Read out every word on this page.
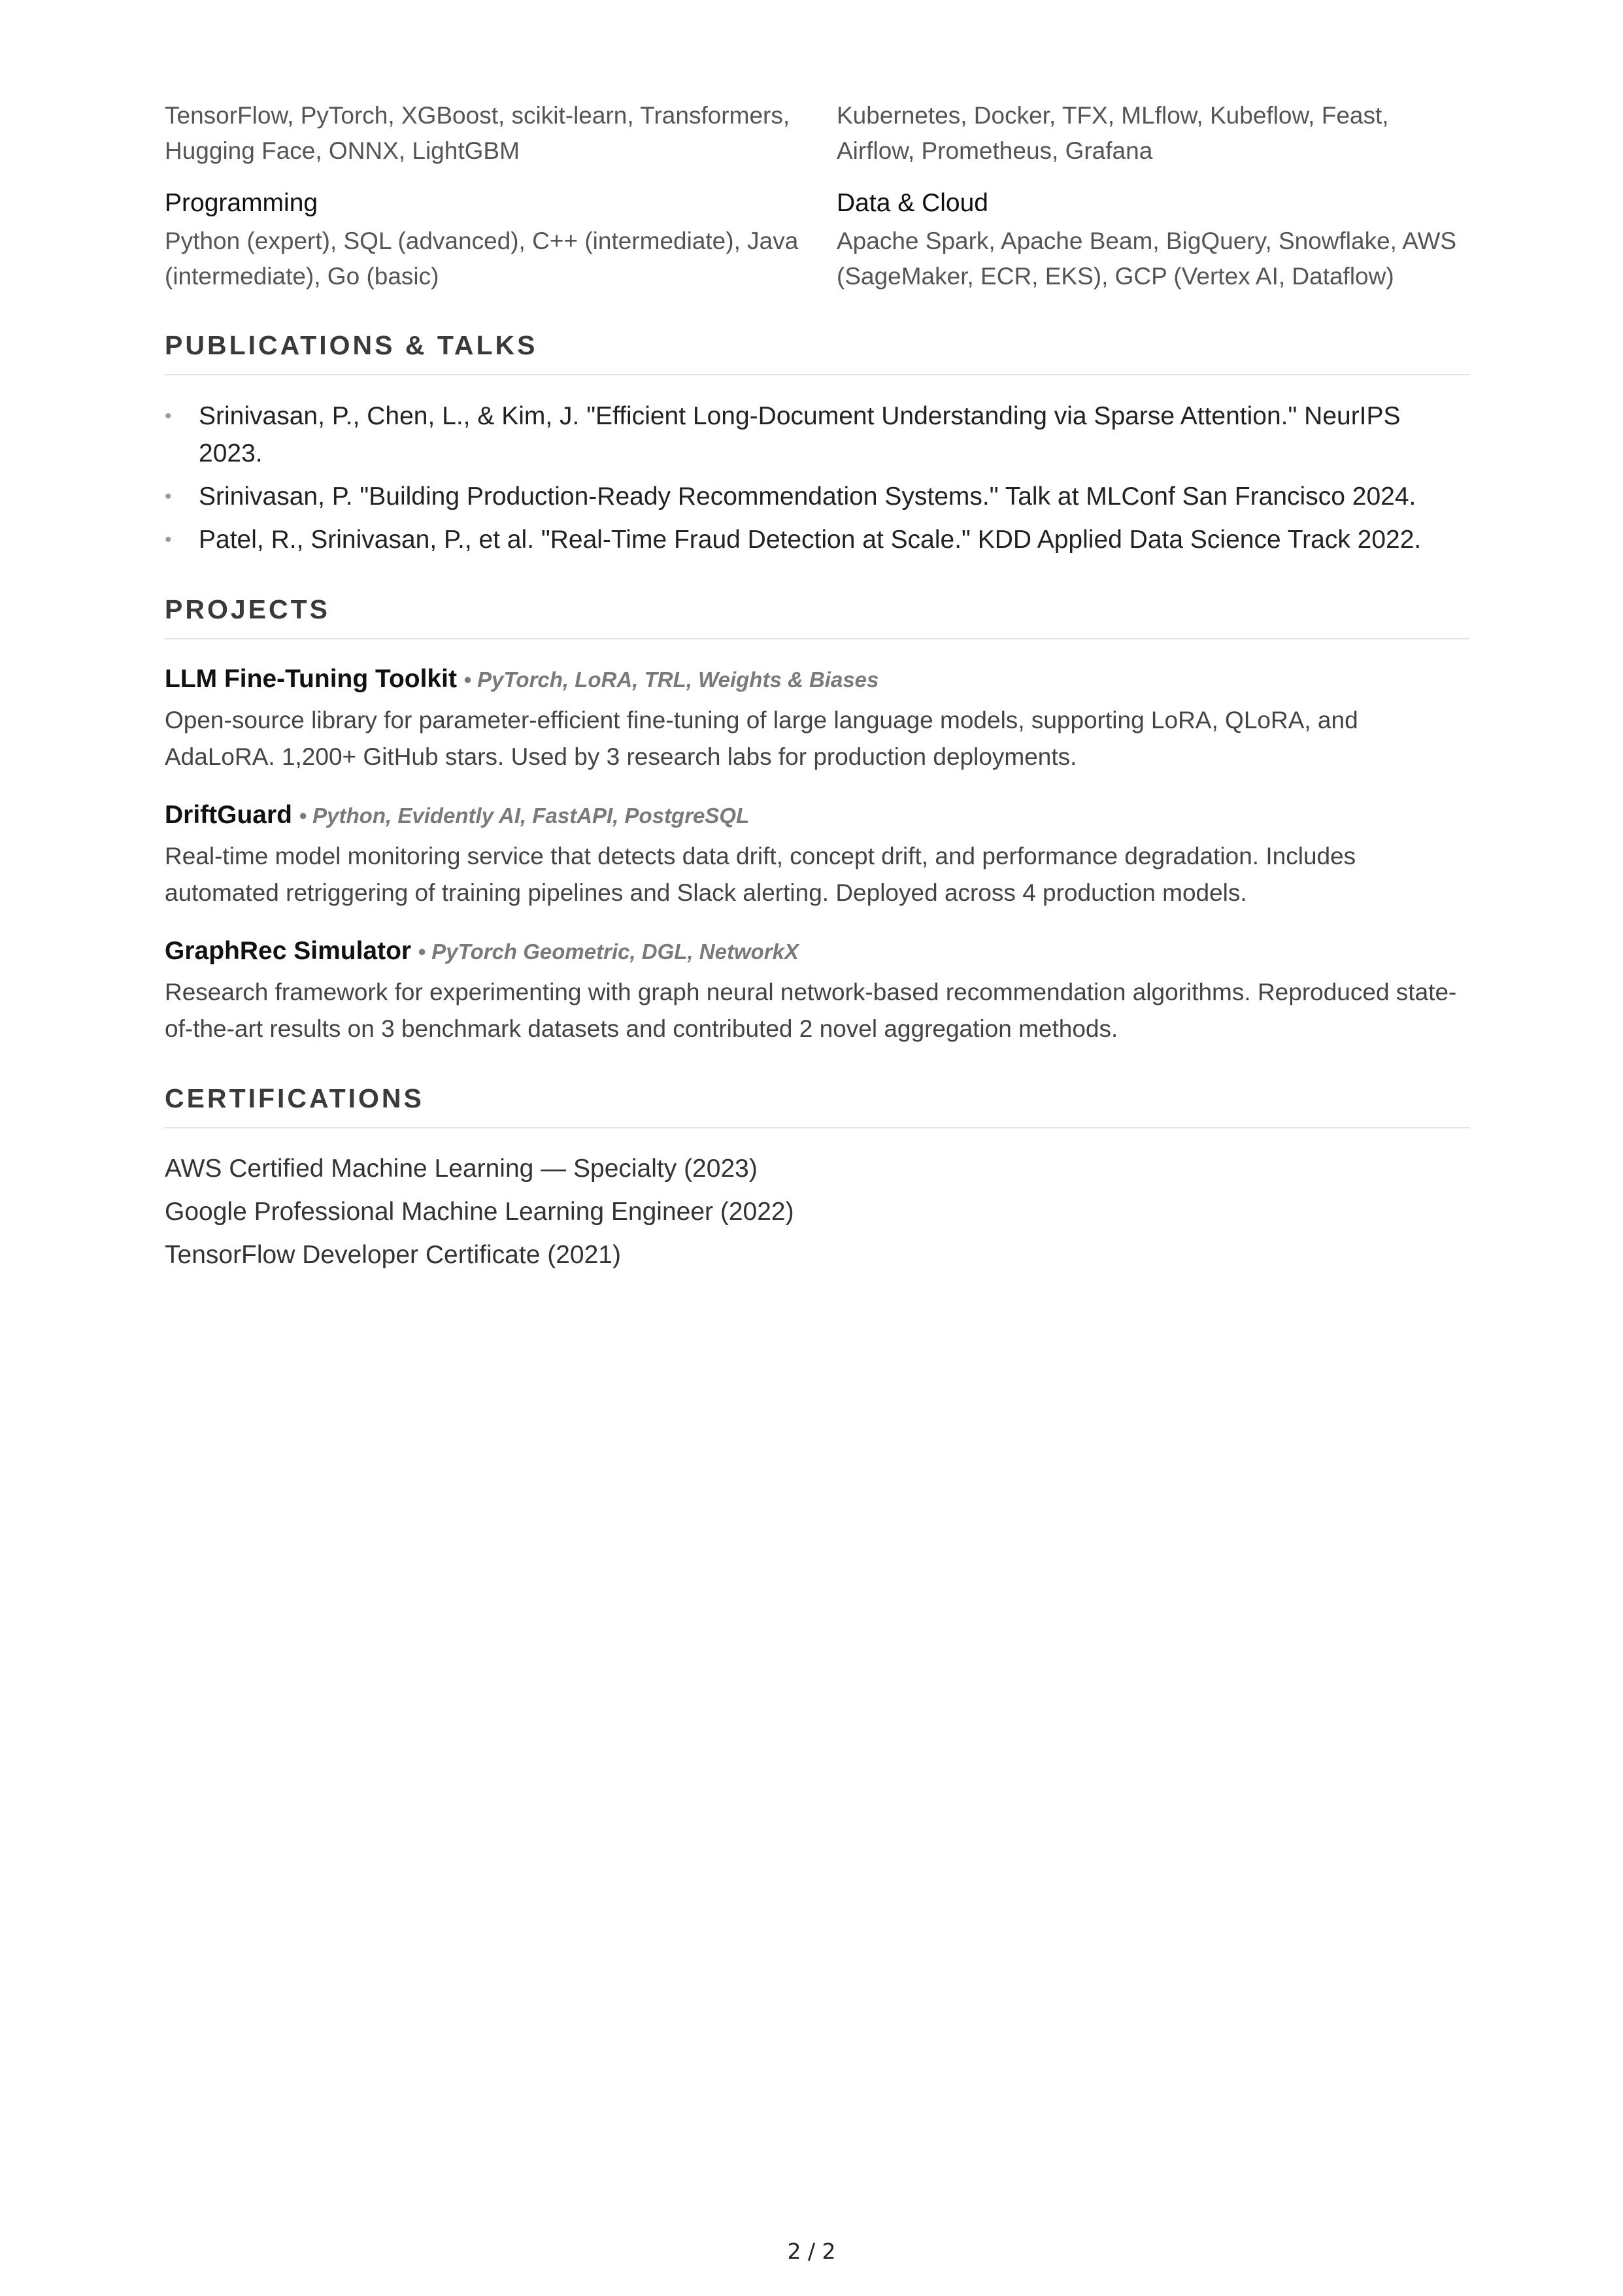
TensorFlow, PyTorch, XGBoost, scikit-learn, Transformers, Hugging Face, ONNX, LightGBM
Kubernetes, Docker, TFX, MLflow, Kubeflow, Feast, Airflow, Prometheus, Grafana
Programming
Python (expert), SQL (advanced), C++ (intermediate), Java (intermediate), Go (basic)
Data & Cloud
Apache Spark, Apache Beam, BigQuery, Snowflake, AWS (SageMaker, ECR, EKS), GCP (Vertex AI, Dataflow)
PUBLICATIONS & TALKS
• Srinivasan, P., Chen, L., & Kim, J. "Efficient Long-Document Understanding via Sparse Attention." NeurIPS 2023.
• Srinivasan, P. "Building Production-Ready Recommendation Systems." Talk at MLConf San Francisco 2024.
• Patel, R., Srinivasan, P., et al. "Real-Time Fraud Detection at Scale." KDD Applied Data Science Track 2022.
PROJECTS
LLM Fine-Tuning Toolkit • PyTorch, LoRA, TRL, Weights & Biases
Open-source library for parameter-efficient fine-tuning of large language models, supporting LoRA, QLoRA, and AdaLoRA. 1,200+ GitHub stars. Used by 3 research labs for production deployments.
DriftGuard • Python, Evidently AI, FastAPI, PostgreSQL
Real-time model monitoring service that detects data drift, concept drift, and performance degradation. Includes automated retriggering of training pipelines and Slack alerting. Deployed across 4 production models.
GraphRec Simulator • PyTorch Geometric, DGL, NetworkX
Research framework for experimenting with graph neural network-based recommendation algorithms. Reproduced state-of-the-art results on 3 benchmark datasets and contributed 2 novel aggregation methods.
CERTIFICATIONS
AWS Certified Machine Learning — Specialty (2023)
Google Professional Machine Learning Engineer (2022)
TensorFlow Developer Certificate (2021)
2 / 2
